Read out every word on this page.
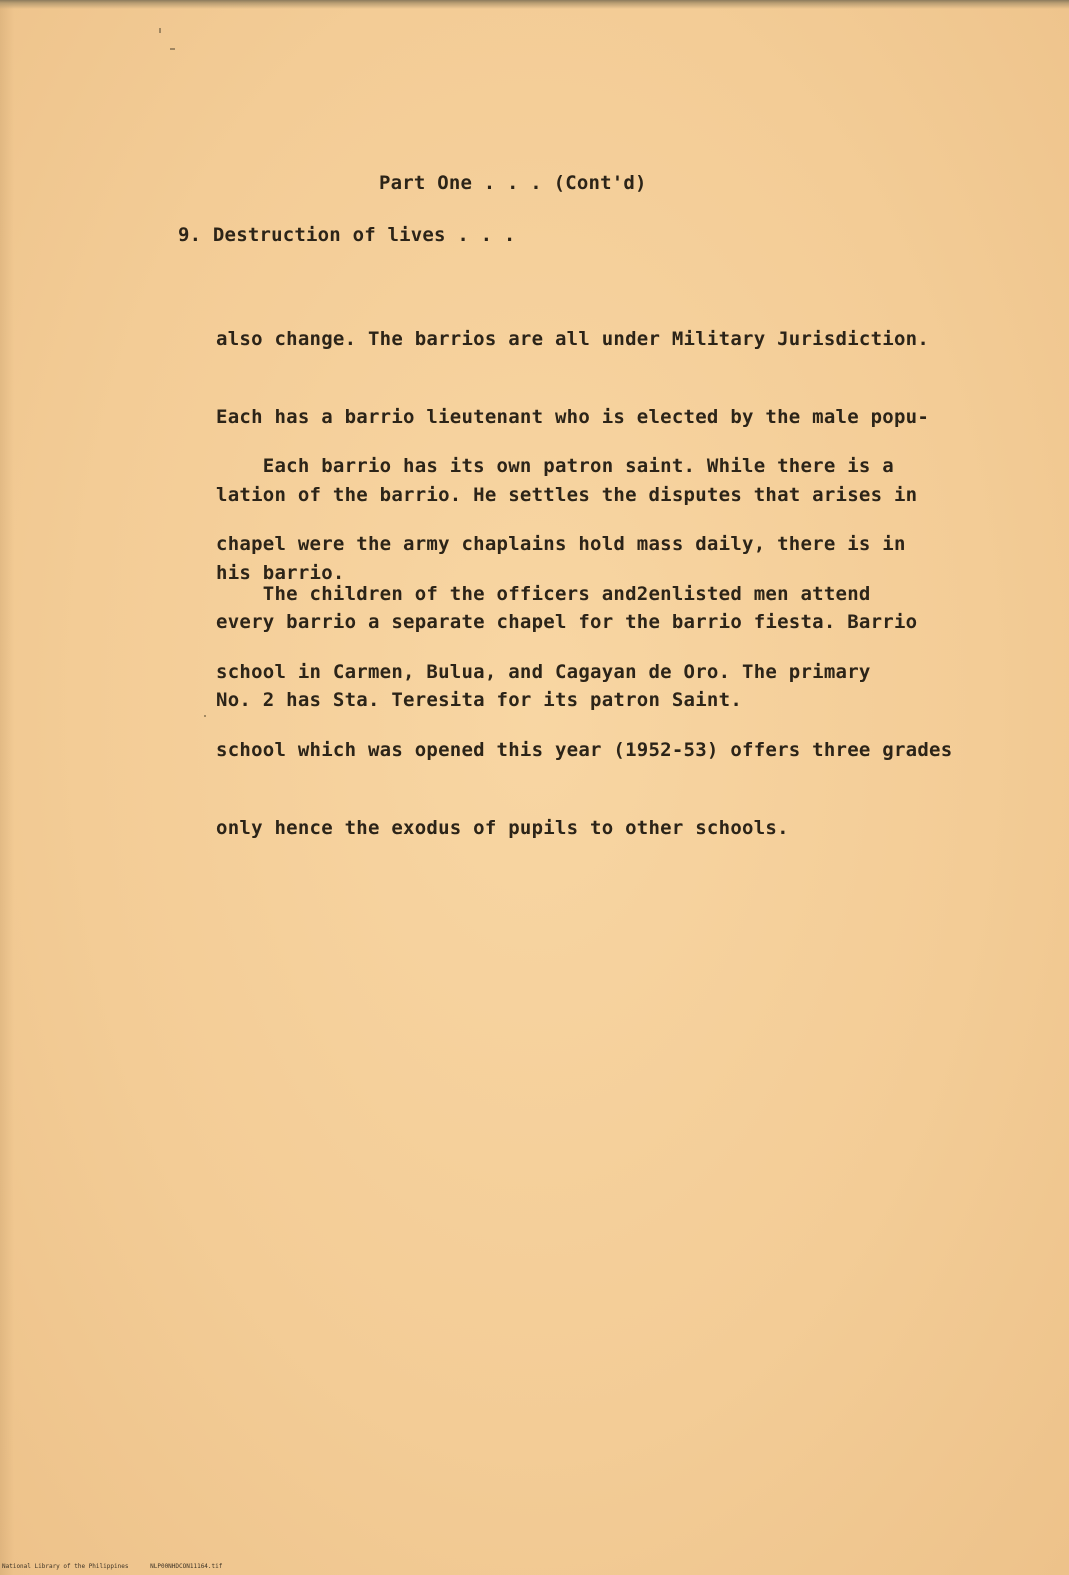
Part One . . . (Cont'd)
9. Destruction of lives . . .

also change. The barrios are all under Military Jurisdiction.

Each has a barrio lieutenant who is elected by the male popu-

lation of the barrio. He settles the disputes that arises in

his barrio.

Each barrio has its own patron saint. While there is a

chapel were the army chaplains hold mass daily, there is in

every barrio a separate chapel for the barrio fiesta. Barrio

No. 2 has Sta. Teresita for its patron Saint.

The children of the officers and2enlisted men attend

school in Carmen, Bulua, and Cagayan de Oro. The primary

school which was opened this year (1952-53) offers three grades

only hence the exodus of pupils to other schools.

National Library of the Philippines	NLP00NHDCON11164.tif
